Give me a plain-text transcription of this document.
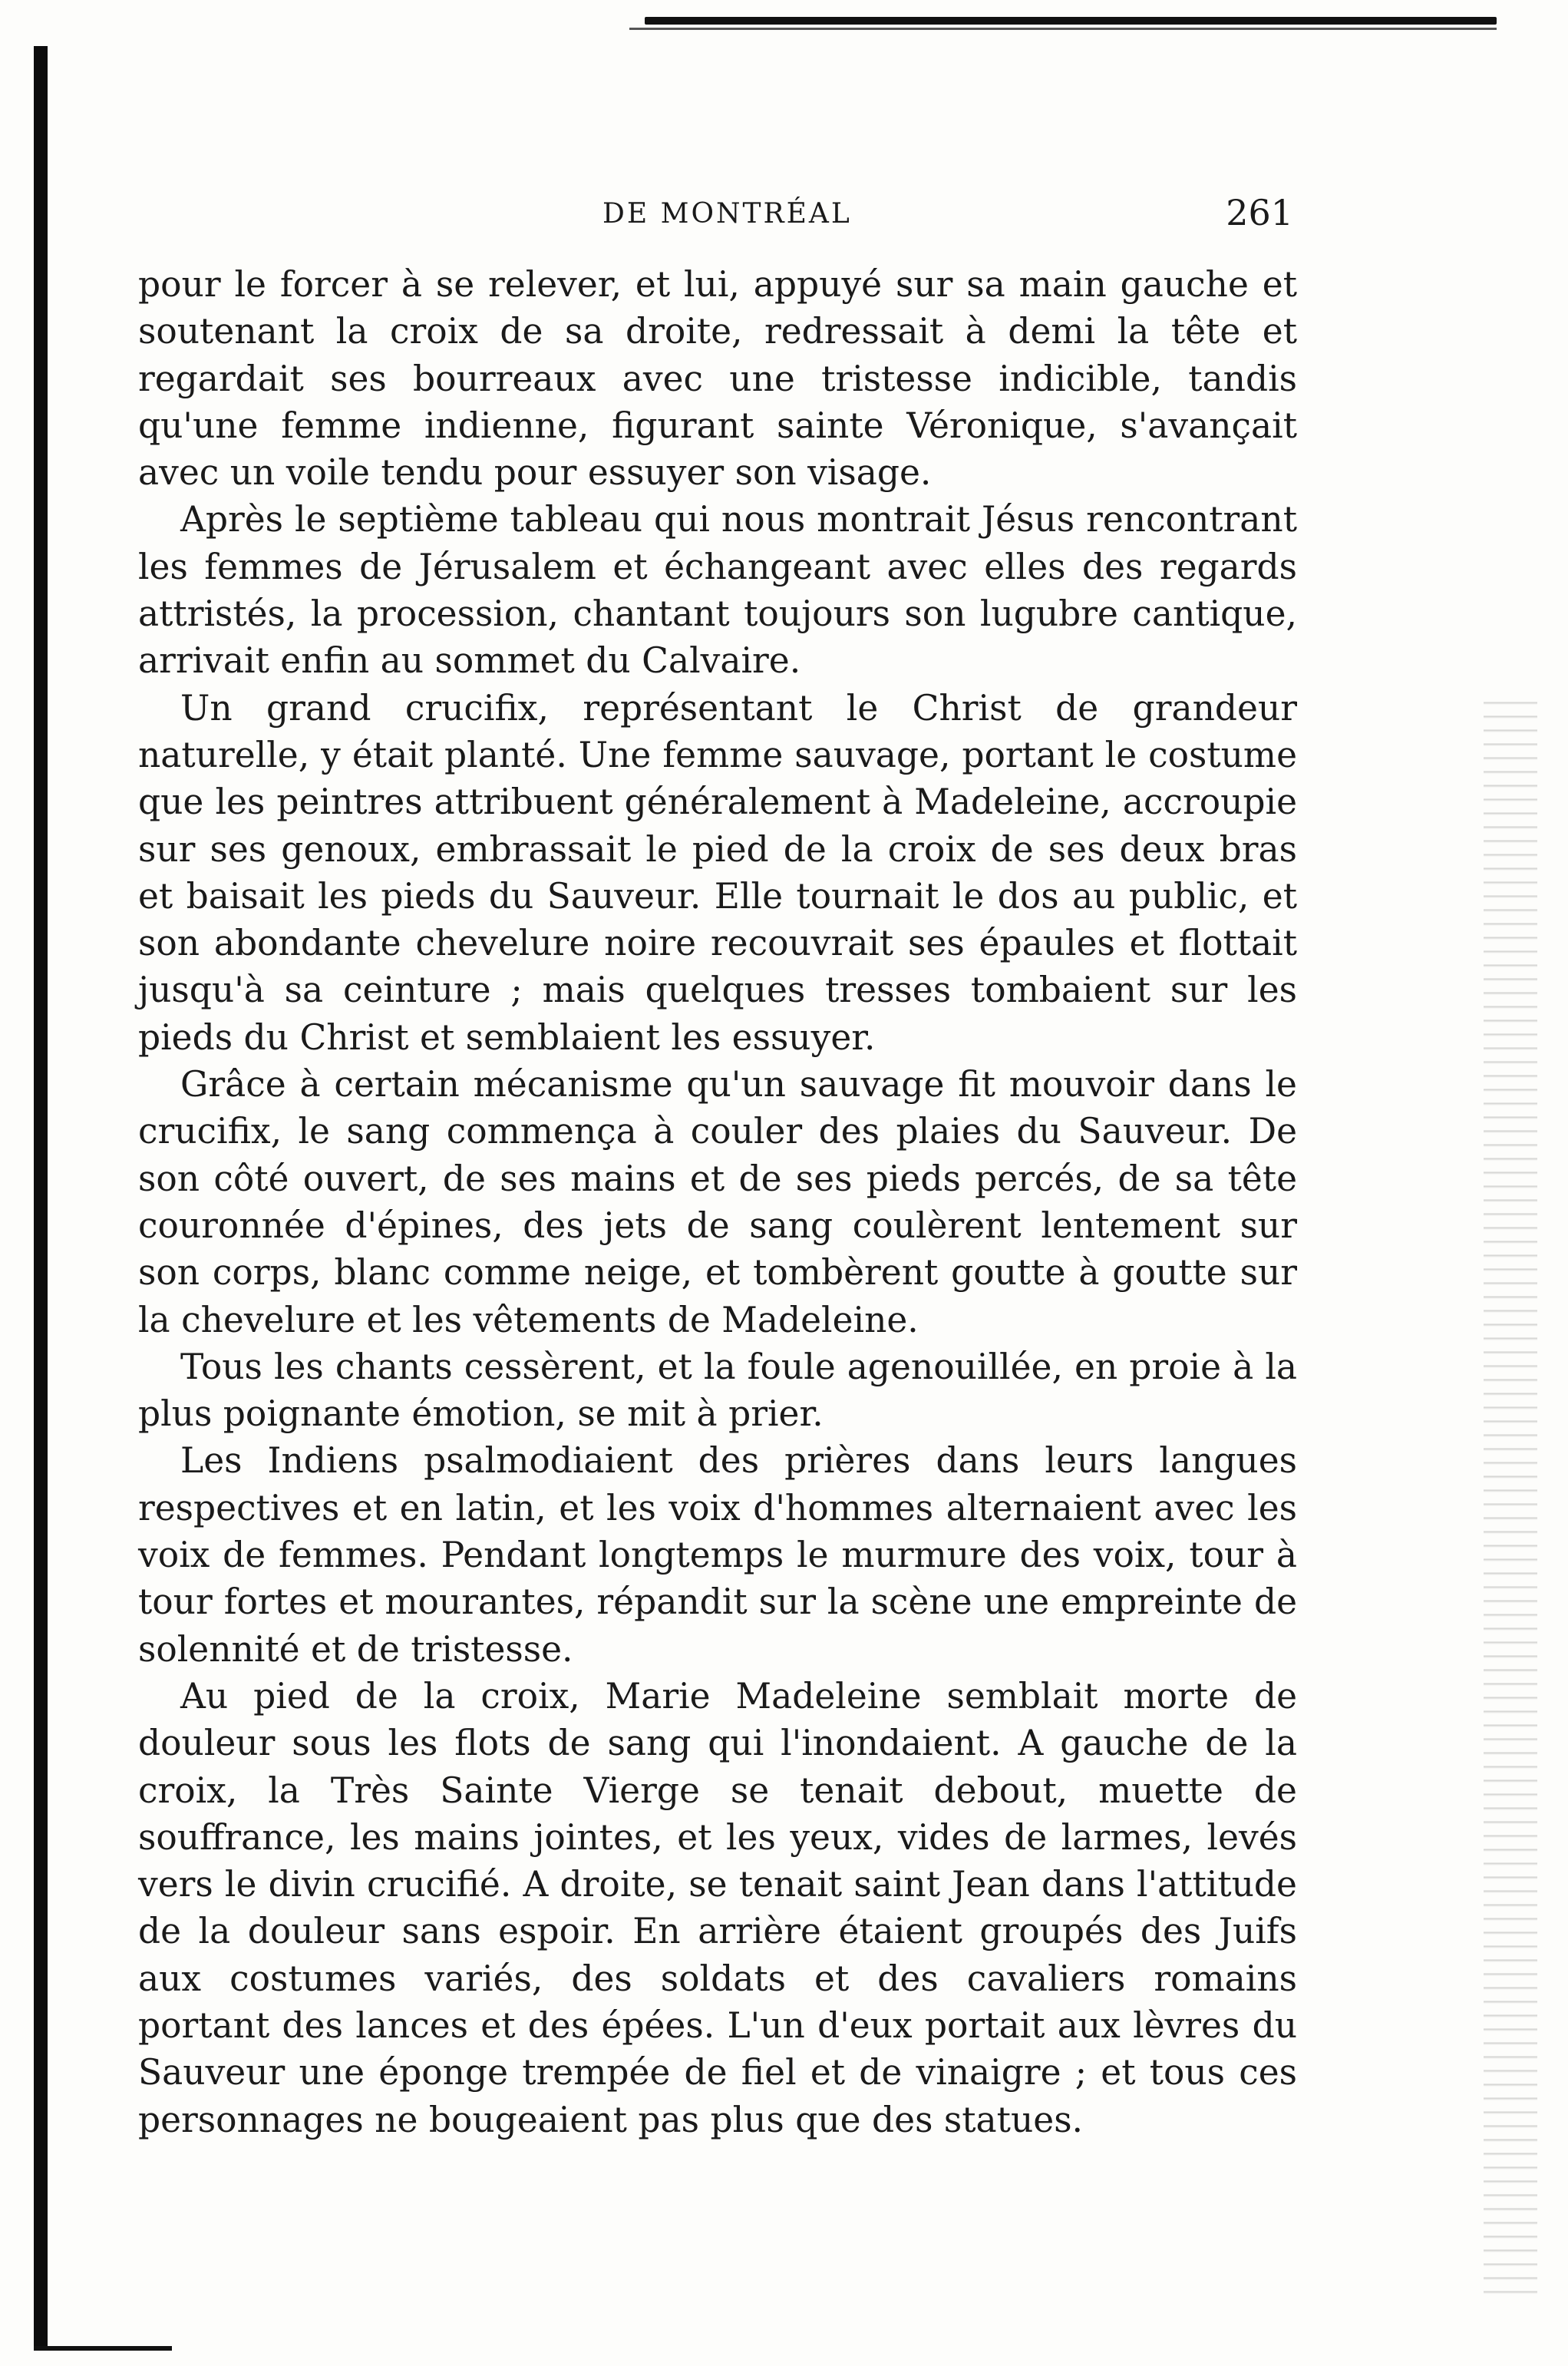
DE MONTRÉAL	261

pour le forcer à se relever, et lui, appuyé sur sa main gauche et soutenant la croix de sa droite, redressait à demi la tête et regardait ses bourreaux avec une tristesse indicible, tandis qu'une femme indienne, figurant sainte Véronique, s'avançait avec un voile tendu pour essuyer son visage.

Après le septième tableau qui nous montrait Jésus rencontrant les femmes de Jérusalem et échangeant avec elles des regards attristés, la procession, chantant toujours son lugubre cantique, arrivait enfin au sommet du Calvaire.

Un grand crucifix, représentant le Christ de grandeur naturelle, y était planté. Une femme sauvage, portant le costume que les peintres attribuent généralement à Madeleine, accroupie sur ses genoux, embrassait le pied de la croix de ses deux bras et baisait les pieds du Sauveur. Elle tournait le dos au public, et son abondante chevelure noire recouvrait ses épaules et flottait jusqu'à sa ceinture ; mais quelques tresses tombaient sur les pieds du Christ et semblaient les essuyer.

Grâce à certain mécanisme qu'un sauvage fit mouvoir dans le crucifix, le sang commença à couler des plaies du Sauveur. De son côté ouvert, de ses mains et de ses pieds percés, de sa tête couronnée d'épines, des jets de sang coulèrent lentement sur son corps, blanc comme neige, et tombèrent goutte à goutte sur la chevelure et les vêtements de Madeleine.

Tous les chants cessèrent, et la foule agenouillée, en proie à la plus poignante émotion, se mit à prier.

Les Indiens psalmodiaient des prières dans leurs langues respectives et en latin, et les voix d'hommes alternaient avec les voix de femmes. Pendant longtemps le murmure des voix, tour à tour fortes et mourantes, répandit sur la scène une empreinte de solennité et de tristesse.

Au pied de la croix, Marie Madeleine semblait morte de douleur sous les flots de sang qui l'inondaient. A gauche de la croix, la Très Sainte Vierge se tenait debout, muette de souffrance, les mains jointes, et les yeux, vides de larmes, levés vers le divin crucifié. A droite, se tenait saint Jean dans l'attitude de la douleur sans espoir. En arrière étaient groupés des Juifs aux costumes variés, des soldats et des cavaliers romains portant des lances et des épées. L'un d'eux portait aux lèvres du Sauveur une éponge trempée de fiel et de vinaigre ; et tous ces personnages ne bougeaient pas plus que des statues.
